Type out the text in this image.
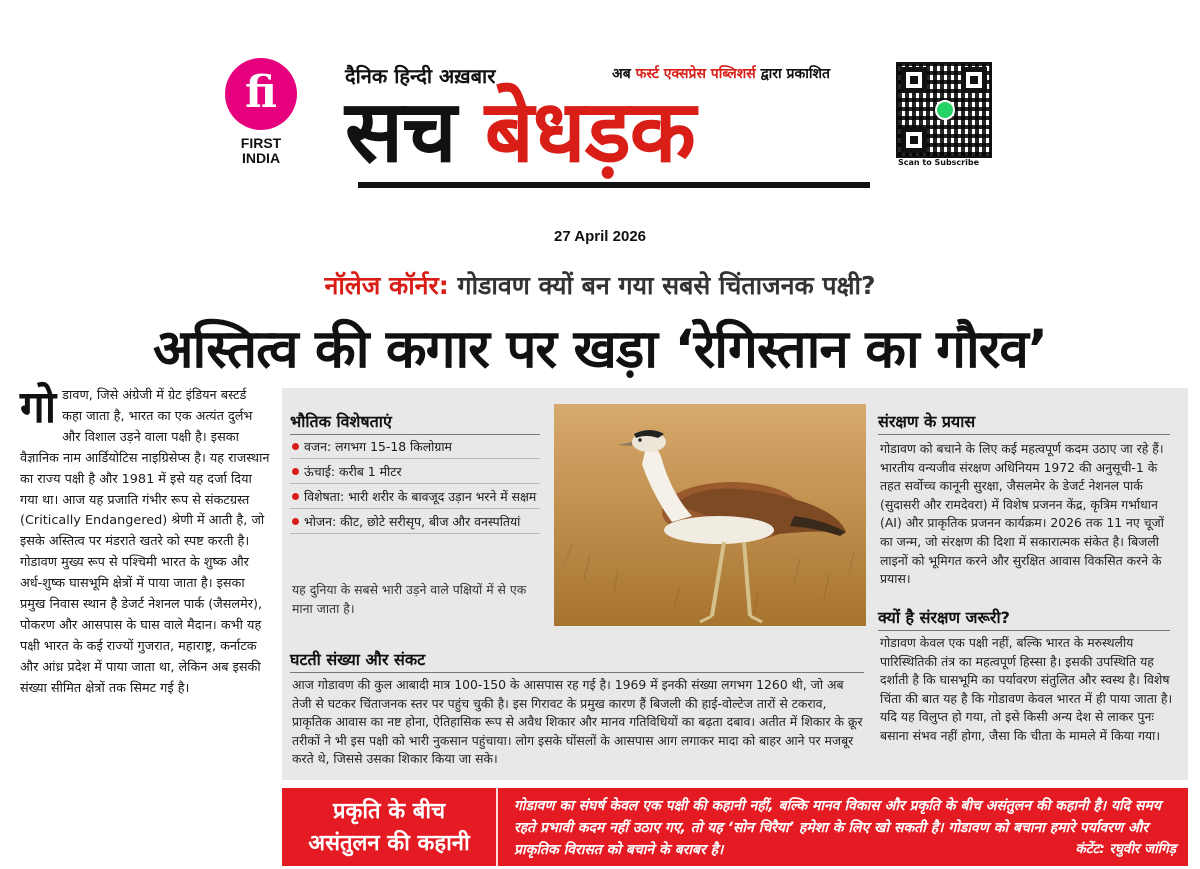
fi
FIRST INDIA
दैनिक हिन्दी अख़बार	अब फर्स्ट एक्सप्रेस पब्लिशर्स द्वारा प्रकाशित
सच बेधड़क	Scan to Subscribe
27 April 2026
नॉलेज कॉर्नर: गोडावण क्यों बन गया सबसे चिंताजनक पक्षी?
अस्तित्व की कगार पर खड़ा ‘रेगिस्तान का गौरव’
गो डावण, जिसे अंग्रेजी में ग्रेट इंडियन बस्टर्ड कहा जाता है, भारत का एक अत्यंत दुर्लभ और विशाल उड़ने वाला पक्षी है। इसका वैज्ञानिक नाम आर्डियोटिस नाइग्रिसेप्स है। यह राजस्थान का राज्य पक्षी है और 1981 में इसे यह दर्जा दिया गया था। आज यह प्रजाति गंभीर रूप से संकटग्रस्त (Critically Endangered) श्रेणी में आती है, जो इसके अस्तित्व पर मंडराते खतरे को स्पष्ट करती है। गोडावण मुख्य रूप से पश्चिमी भारत के शुष्क और अर्ध-शुष्क घासभूमि क्षेत्रों में पाया जाता है। इसका प्रमुख निवास स्थान है डेजर्ट नेशनल पार्क (जैसलमेर), पोकरण और आसपास के घास वाले मैदान। कभी यह पक्षी भारत के कई राज्यों गुजरात, महाराष्ट्र, कर्नाटक और आंध्र प्रदेश में पाया जाता था, लेकिन अब इसकी संख्या सीमित क्षेत्रों तक सिमट गई है।
भौतिक विशेषताएं
वजन: लगभग 15-18 किलोग्राम
ऊंचाई: करीब 1 मीटर
विशेषता: भारी शरीर के बावजूद उड़ान भरने में सक्षम
भोजन: कीट, छोटे सरीसृप, बीज और वनस्पतियां
यह दुनिया के सबसे भारी उड़ने वाले पक्षियों में से एक माना जाता है।
संरक्षण के प्रयास
गोडावण को बचाने के लिए कई महत्वपूर्ण कदम उठाए जा रहे हैं। भारतीय वन्यजीव संरक्षण अधिनियम 1972 की अनुसूची-1 के तहत सर्वोच्च कानूनी सुरक्षा, जैसलमेर के डेजर्ट नेशनल पार्क (सुदासरी और रामदेवरा) में विशेष प्रजनन केंद्र, कृत्रिम गर्भाधान (AI) और प्राकृतिक प्रजनन कार्यक्रम। 2026 तक 11 नए चूजों का जन्म, जो संरक्षण की दिशा में सकारात्मक संकेत है। बिजली लाइनों को भूमिगत करने और सुरक्षित आवास विकसित करने के प्रयास।
क्यों है संरक्षण जरूरी?
गोडावण केवल एक पक्षी नहीं, बल्कि भारत के मरुस्थलीय पारिस्थितिकी तंत्र का महत्वपूर्ण हिस्सा है। इसकी उपस्थिति यह दर्शाती है कि घासभूमि का पर्यावरण संतुलित और स्वस्थ है। विशेष चिंता की बात यह है कि गोडावण केवल भारत में ही पाया जाता है। यदि यह विलुप्त हो गया, तो इसे किसी अन्य देश से लाकर पुनः बसाना संभव नहीं होगा, जैसा कि चीता के मामले में किया गया।
घटती संख्या और संकट
आज गोडावण की कुल आबादी मात्र 100-150 के आसपास रह गई है। 1969 में इनकी संख्या लगभग 1260 थी, जो अब तेजी से घटकर चिंताजनक स्तर पर पहुंच चुकी है। इस गिरावट के प्रमुख कारण हैं बिजली की हाई-वोल्टेज तारों से टकराव, प्राकृतिक आवास का नष्ट होना, ऐतिहासिक रूप से अवैध शिकार और मानव गतिविधियों का बढ़ता दबाव। अतीत में शिकार के क्रूर तरीकों ने भी इस पक्षी को भारी नुकसान पहुंचाया। लोग इसके घोंसलों के आसपास आग लगाकर मादा को बाहर आने पर मजबूर करते थे, जिससे उसका शिकार किया जा सके।
प्रकृति के बीच
असंतुलन की कहानी
गोडावण का संघर्ष केवल एक पक्षी की कहानी नहीं, बल्कि मानव विकास और प्रकृति के बीच असंतुलन की कहानी है। यदि समय रहते प्रभावी कदम नहीं उठाए गए, तो यह ‘सोन चिरैया’ हमेशा के लिए खो सकती है। गोडावण को बचाना हमारे पर्यावरण और प्राकृतिक विरासत को बचाने के बराबर है।	कंटेंट: रघुवीर जांगिड़
